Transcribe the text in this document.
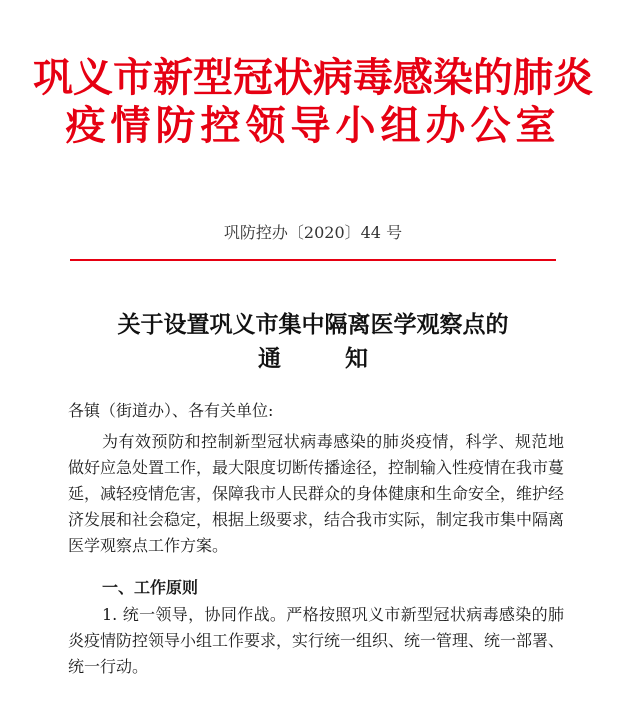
巩义市新型冠状病毒感染的肺炎
疫情防控领导小组办公室
巩防控办〔2020〕44 号
关于设置巩义市集中隔离医学观察点的
通	知
各镇（街道办）、各有关单位:
为有效预防和控制新型冠状病毒感染的肺炎疫情，科学、规范地做好应急处置工作，最大限度切断传播途径，控制输入性疫情在我市蔓延，减轻疫情危害，保障我市人民群众的身体健康和生命安全，维护经济发展和社会稳定，根据上级要求，结合我市实际，制定我市集中隔离医学观察点工作方案。
一、工作原则
1. 统一领导，协同作战。严格按照巩义市新型冠状病毒感染的肺炎疫情防控领导小组工作要求，实行统一组织、统一管理、统一部署、统一行动。
